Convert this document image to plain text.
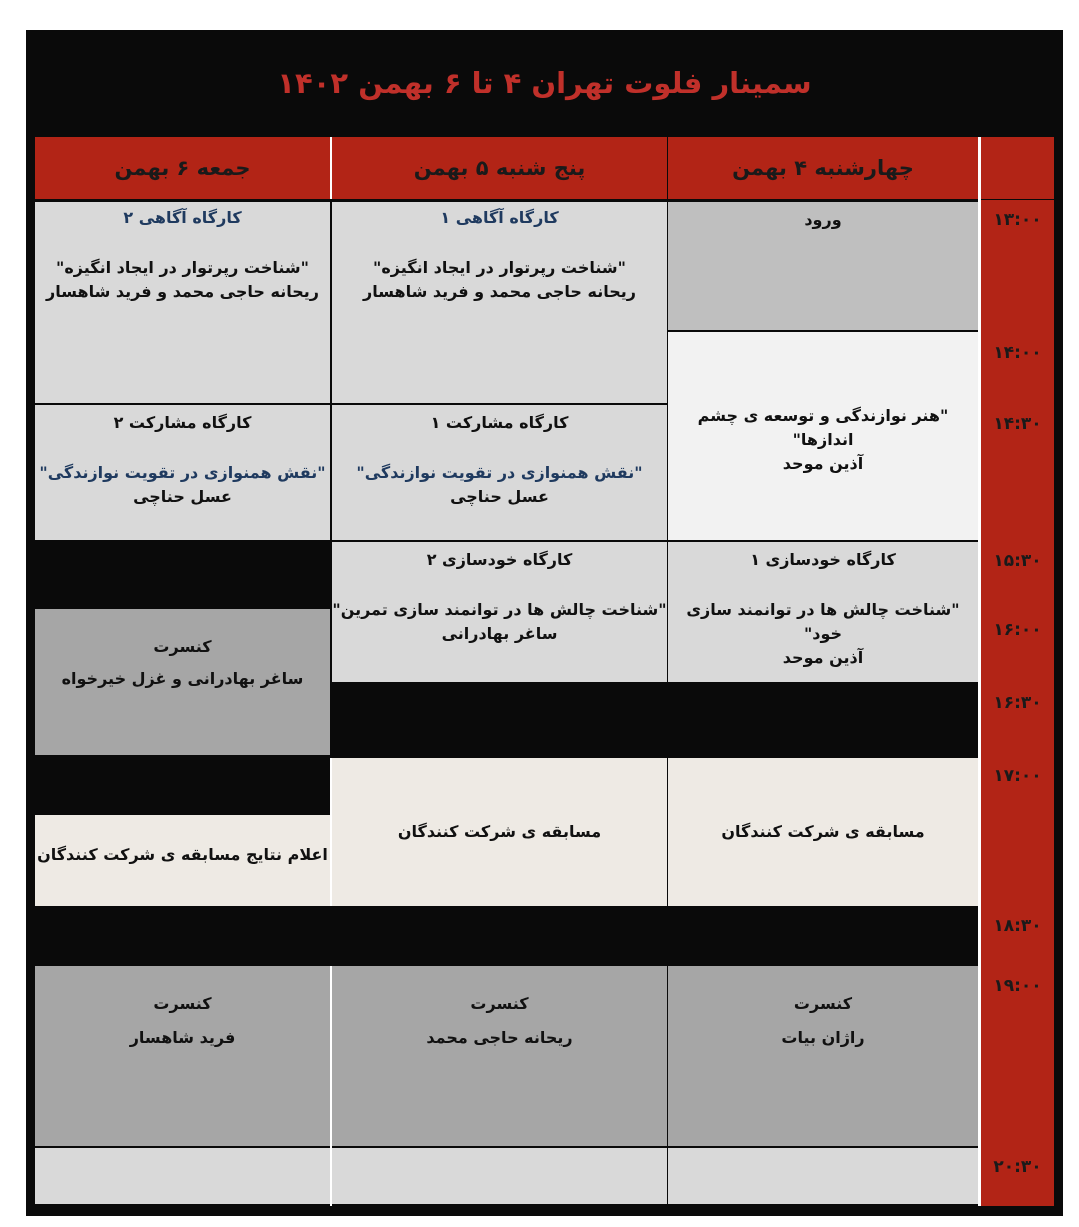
سمینار فلوت تهران ۴ تا ۶ بهمن ۱۴۰۲
چهارشنبه ۴ بهمن
پنج شنبه ۵ بهمن
جمعه ۶ بهمن
۱۳:۰۰
۱۴:۰۰
۱۴:۳۰
۱۵:۳۰
۱۶:۰۰
۱۶:۳۰
۱۷:۰۰
۱۸:۳۰
۱۹:۰۰
۲۰:۳۰
ورود
"هنر نوازندگی و توسعه ی چشم اندازها"
آذین موحد
کارگاه خودسازی ۱
"شناخت چالش ها در توانمند سازی خود"
آذین موحد
مسابقه ی شرکت کنندگان
کنسرت
راژان بیات
کارگاه آگاهی ۱
"شناخت رپرتوار در ایجاد انگیزه"
ریحانه حاجی محمد و فرید شاهسار
کارگاه مشارکت ۱
"نقش همنوازی در تقویت نوازندگی"
عسل حناچی
کارگاه خودسازی ۲
"شناخت چالش ها در توانمند سازی تمرین"
ساغر بهادرانی
مسابقه ی شرکت کنندگان
کنسرت
ریحانه حاجی محمد
کارگاه آگاهی ۲
"شناخت رپرتوار در ایجاد انگیزه"
ریحانه حاجی محمد و فرید شاهسار
کارگاه مشارکت ۲
"نقش همنوازی در تقویت نوازندگی"
عسل حناچی
کنسرت
ساغر بهادرانی و غزل خیرخواه
اعلام نتایج مسابقه ی شرکت کنندگان
کنسرت
فرید شاهسار
